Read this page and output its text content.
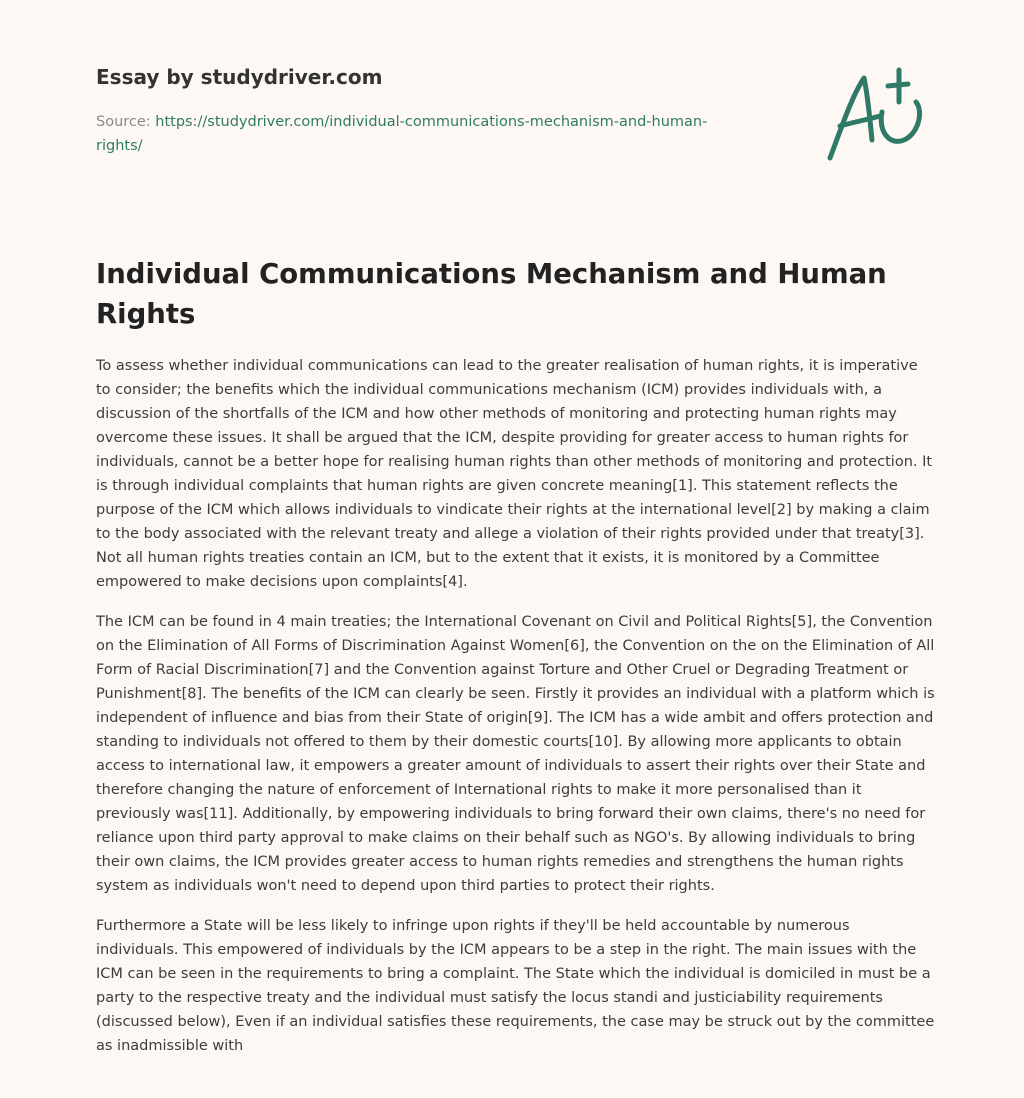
Essay by studydriver.com
Source: https://studydriver.com/individual-communications-mechanism-and-human-rights/
Individual Communications Mechanism and Human Rights

To assess whether individual communications can lead to the greater realisation of human rights, it is imperative to consider; the benefits which the individual communications mechanism (ICM) provides individuals with, a discussion of the shortfalls of the ICM and how other methods of monitoring and protecting human rights may overcome these issues. It shall be argued that the ICM, despite providing for greater access to human rights for individuals, cannot be a better hope for realising human rights than other methods of monitoring and protection. It is through individual complaints that human rights are given concrete meaning[1]. This statement reflects the purpose of the ICM which allows individuals to vindicate their rights at the international level[2] by making a claim to the body associated with the relevant treaty and allege a violation of their rights provided under that treaty[3]. Not all human rights treaties contain an ICM, but to the extent that it exists, it is monitored by a Committee empowered to make decisions upon complaints[4].

The ICM can be found in 4 main treaties; the International Covenant on Civil and Political Rights[5], the Convention on the Elimination of All Forms of Discrimination Against Women[6], the Convention on the on the Elimination of All Form of Racial Discrimination[7] and the Convention against Torture and Other Cruel or Degrading Treatment or Punishment[8]. The benefits of the ICM can clearly be seen. Firstly it provides an individual with a platform which is independent of influence and bias from their State of origin[9]. The ICM has a wide ambit and offers protection and standing to individuals not offered to them by their domestic courts[10]. By allowing more applicants to obtain access to international law, it empowers a greater amount of individuals to assert their rights over their State and therefore changing the nature of enforcement of International rights to make it more personalised than it previously was[11]. Additionally, by empowering individuals to bring forward their own claims, there's no need for reliance upon third party approval to make claims on their behalf such as NGO's. By allowing individuals to bring their own claims, the ICM provides greater access to human rights remedies and strengthens the human rights system as individuals won't need to depend upon third parties to protect their rights.

Furthermore a State will be less likely to infringe upon rights if they'll be held accountable by numerous individuals. This empowered of individuals by the ICM appears to be a step in the right. The main issues with the ICM can be seen in the requirements to bring a complaint. The State which the individual is domiciled in must be a party to the respective treaty and the individual must satisfy the locus standi and justiciability requirements (discussed below), Even if an individual satisfies these requirements, the case may be struck out by the committee as inadmissible with
